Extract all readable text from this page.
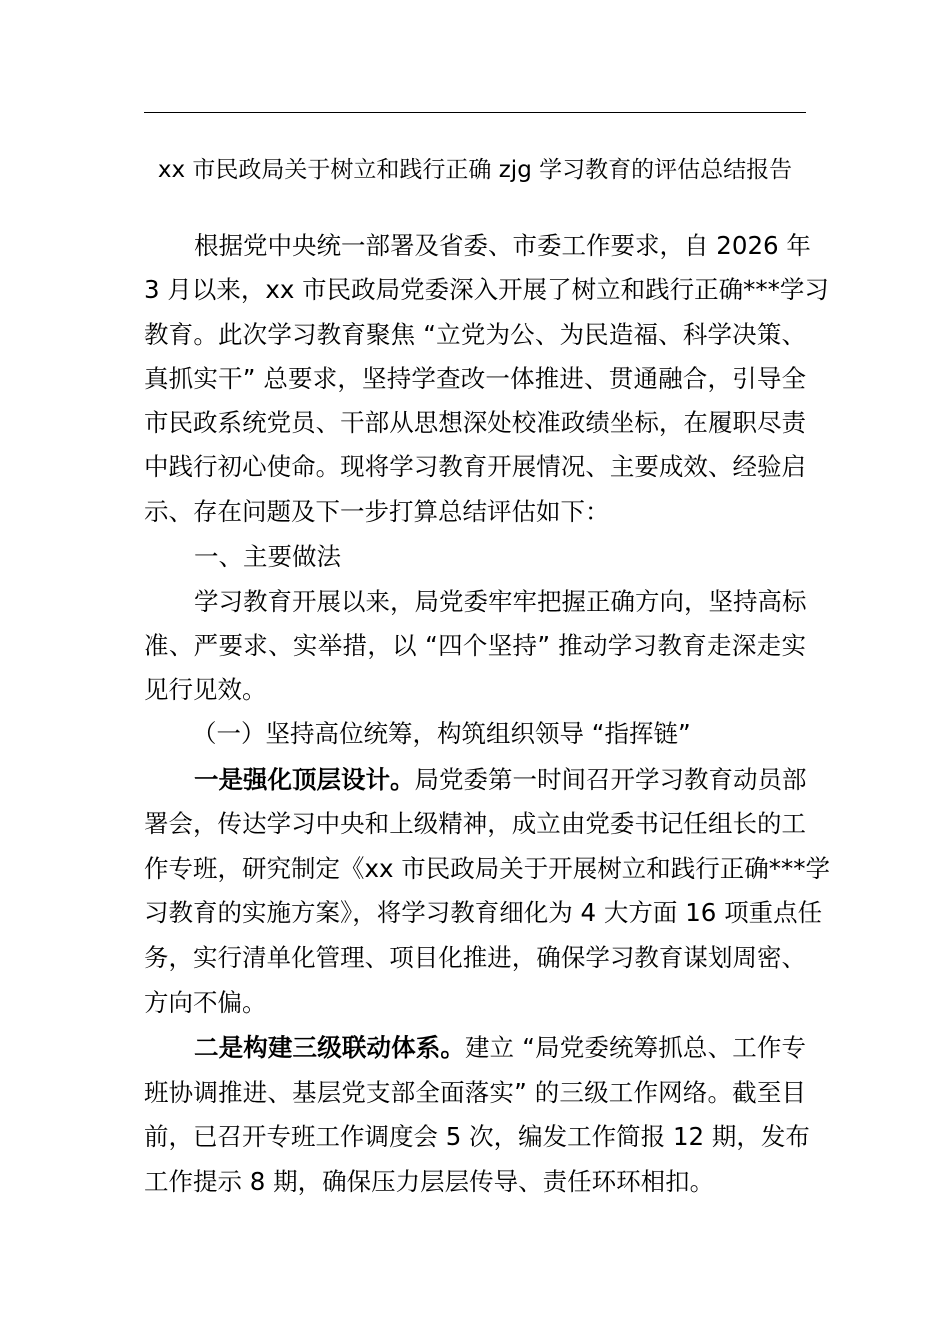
xx 市民政局关于树立和践行正确 zjg 学习教育的评估总结报告
根据党中央统一部署及省委、市委工作要求，自 2026 年
3 月以来，xx 市民政局党委深入开展了树立和践行正确***学习
教育。此次学习教育聚焦 “立党为公、为民造福、科学决策、
真抓实干” 总要求，坚持学查改一体推进、贯通融合，引导全
市民政系统党员、干部从思想深处校准政绩坐标，在履职尽责
中践行初心使命。现将学习教育开展情况、主要成效、经验启
示、存在问题及下一步打算总结评估如下：
一、主要做法
学习教育开展以来，局党委牢牢把握正确方向，坚持高标
准、严要求、实举措，以 “四个坚持” 推动学习教育走深走实
见行见效。
（一）坚持高位统筹，构筑组织领导 “指挥链”
一是强化顶层设计。局党委第一时间召开学习教育动员部
署会，传达学习中央和上级精神，成立由党委书记任组长的工
作专班，研究制定《xx 市民政局关于开展树立和践行正确***学
习教育的实施方案》，将学习教育细化为 4 大方面 16 项重点任
务，实行清单化管理、项目化推进，确保学习教育谋划周密、
方向不偏。
二是构建三级联动体系。建立 “局党委统筹抓总、工作专
班协调推进、基层党支部全面落实” 的三级工作网络。截至目
前，已召开专班工作调度会 5 次，编发工作简报 12 期，发布
工作提示 8 期，确保压力层层传导、责任环环相扣。
